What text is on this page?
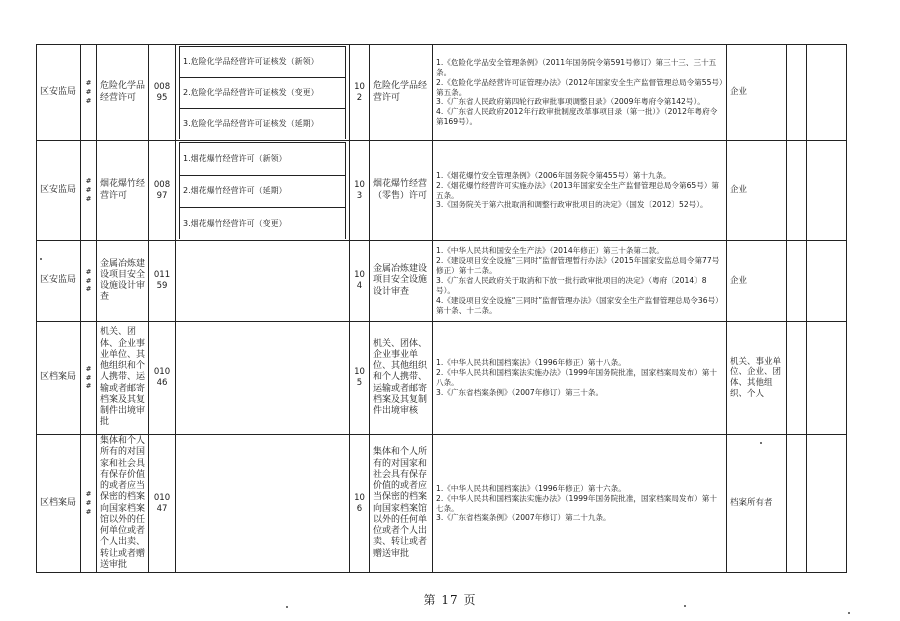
区安监局	###	危险化学品经营许可	00895	
1.危险化学品经营许可证核发（新领）
2.危险化学品经营许可证核发（变更）
3.危险化学品经营许可证核发（延期）
	102	危险化学品经营许可	
1.《危险化学品安全管理条例》（2011年国务院令第591号修订）第三十三、三十五条。
2.《危险化学品经营许可证管理办法》（2012年国家安全生产监督管理总局令第55号）第五条。
3.《广东省人民政府第四轮行政审批事项调整目录》（2009年粤府令第142号）。
4.《广东省人民政府2012年行政审批制度改革事项目录（第一批）》（2012年粤府令第169号）。
	企业		
区安监局	###	烟花爆竹经营许可	00897	
1.烟花爆竹经营许可（新领）
2.烟花爆竹经营许可（延期）
3.烟花爆竹经营许可（变更）
	103	烟花爆竹经营（零售）许可	
1.《烟花爆竹安全管理条例》（2006年国务院令第455号）第十九条。
2.《烟花爆竹经营许可实施办法》（2013年国家安全生产监督管理总局令第65号）第五条。
3.《国务院关于第六批取消和调整行政审批项目的决定》（国发〔2012〕52号）。
	企业		
区安监局	###	金属冶炼建设项目安全设施设计审查	01159		104	金属冶炼建设项目安全设施设计审查	
1.《中华人民共和国安全生产法》（2014年修正）第三十条第二款。
2.《建设项目安全设施“三同时”监督管理暂行办法》（2015年国家安监总局令第77号修正）第十二条。
3.《广东省人民政府关于取消和下放一批行政审批项目的决定》（粤府〔2014〕8号）。
4.《建设项目安全设施“三同时”监督管理办法》（国家安全生产监督管理总局令36号）第十条、十二条。
	企业		
区档案局	###	机关、团体、企业事业单位、其他组织和个人携带、运输或者邮寄档案及其复制件出境审批	01046		105	机关、团体、企业事业单位、其他组织和个人携带、运输或者邮寄档案及其复制件出境审核	
1.《中华人民共和国档案法》（1996年修正）第十八条。
2.《中华人民共和国档案法实施办法》（1999年国务院批准，国家档案局发布）第十八条。
3.《广东省档案条例》（2007年修订）第三十条。
	机关、事业单位、企业、团体、其他组织、个人		
区档案局	###	集体和个人所有的对国家和社会具有保存价值的或者应当保密的档案向国家档案馆以外的任何单位或者个人出卖、转让或者赠送审批	01047		106	集体和个人所有的对国家和社会具有保存价值的或者应当保密的档案向国家档案馆以外的任何单位或者个人出卖、转让或者赠送审批	
1.《中华人民共和国档案法》（1996年修正）第十六条。
2.《中华人民共和国档案法实施办法》（1999年国务院批准，国家档案局发布）第十七条。
3.《广东省档案条例》（2007年修订）第二十九条。
	档案所有者		
第 17 页
